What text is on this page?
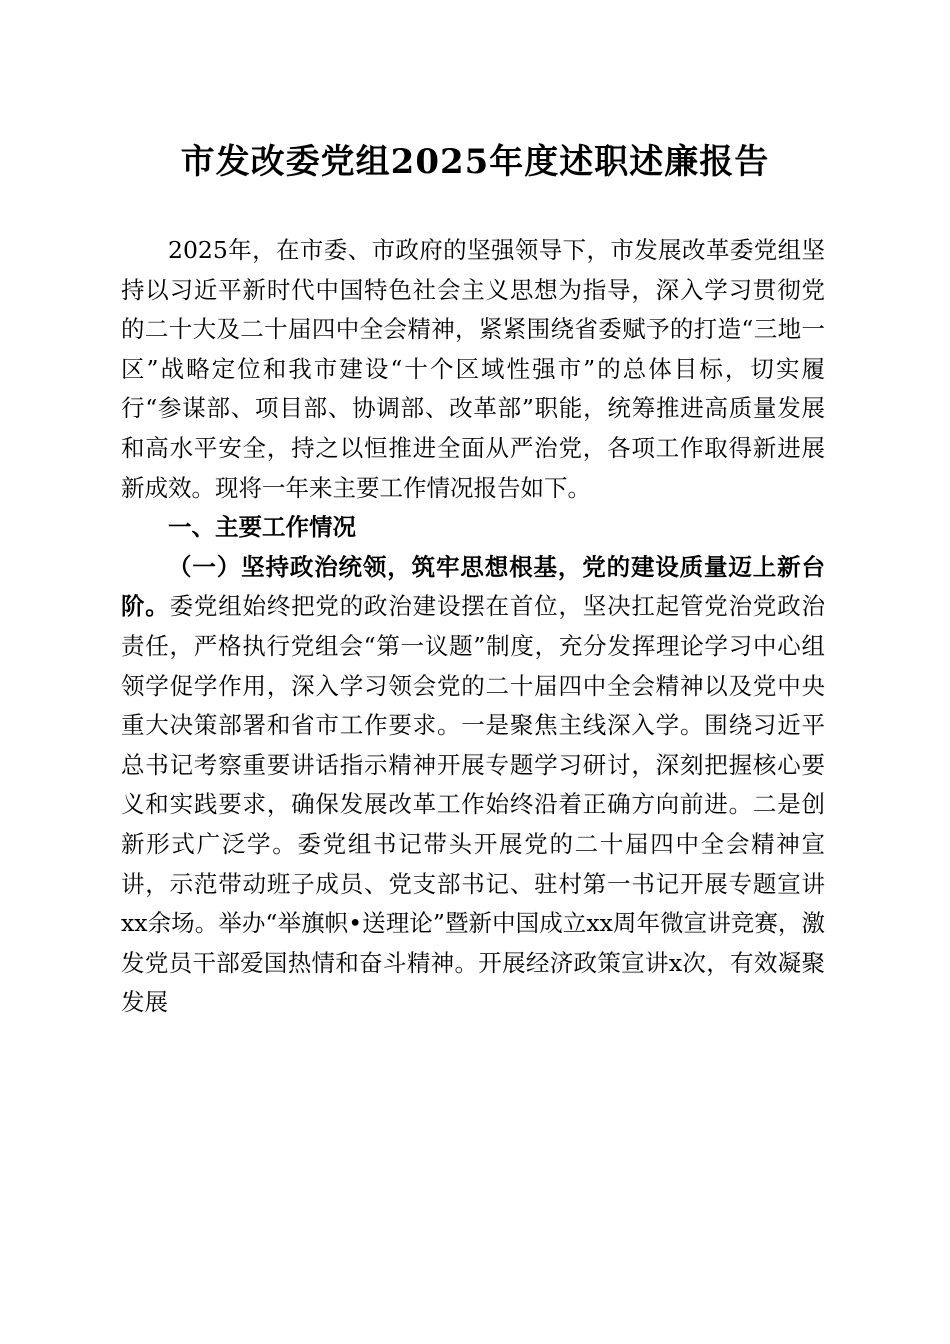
市发改委党组2025年度述职述廉报告

2025年，在市委、市政府的坚强领导下，市发展改革委党组坚持以习近平新时代中国特色社会主义思想为指导，深入学习贯彻党的二十大及二十届四中全会精神，紧紧围绕省委赋予的打造“三地一区”战略定位和我市建设“十个区域性强市”的总体目标，切实履行“参谋部、项目部、协调部、改革部”职能，统筹推进高质量发展和高水平安全，持之以恒推进全面从严治党，各项工作取得新进展新成效。现将一年来主要工作情况报告如下。

一、主要工作情况

（一）坚持政治统领，筑牢思想根基，党的建设质量迈上新台阶。委党组始终把党的政治建设摆在首位，坚决扛起管党治党政治责任，严格执行党组会“第一议题”制度，充分发挥理论学习中心组领学促学作用，深入学习领会党的二十届四中全会精神以及党中央重大决策部署和省市工作要求。一是聚焦主线深入学。围绕习近平总书记考察重要讲话指示精神开展专题学习研讨，深刻把握核心要义和实践要求，确保发展改革工作始终沿着正确方向前进。二是创新形式广泛学。委党组书记带头开展党的二十届四中全会精神宣讲，示范带动班子成员、党支部书记、驻村第一书记开展专题宣讲xx余场。举办“举旗帜•送理论”暨新中国成立xx周年微宣讲竞赛，激发党员干部爱国热情和奋斗精神。开展经济政策宣讲x次，有效凝聚发展
